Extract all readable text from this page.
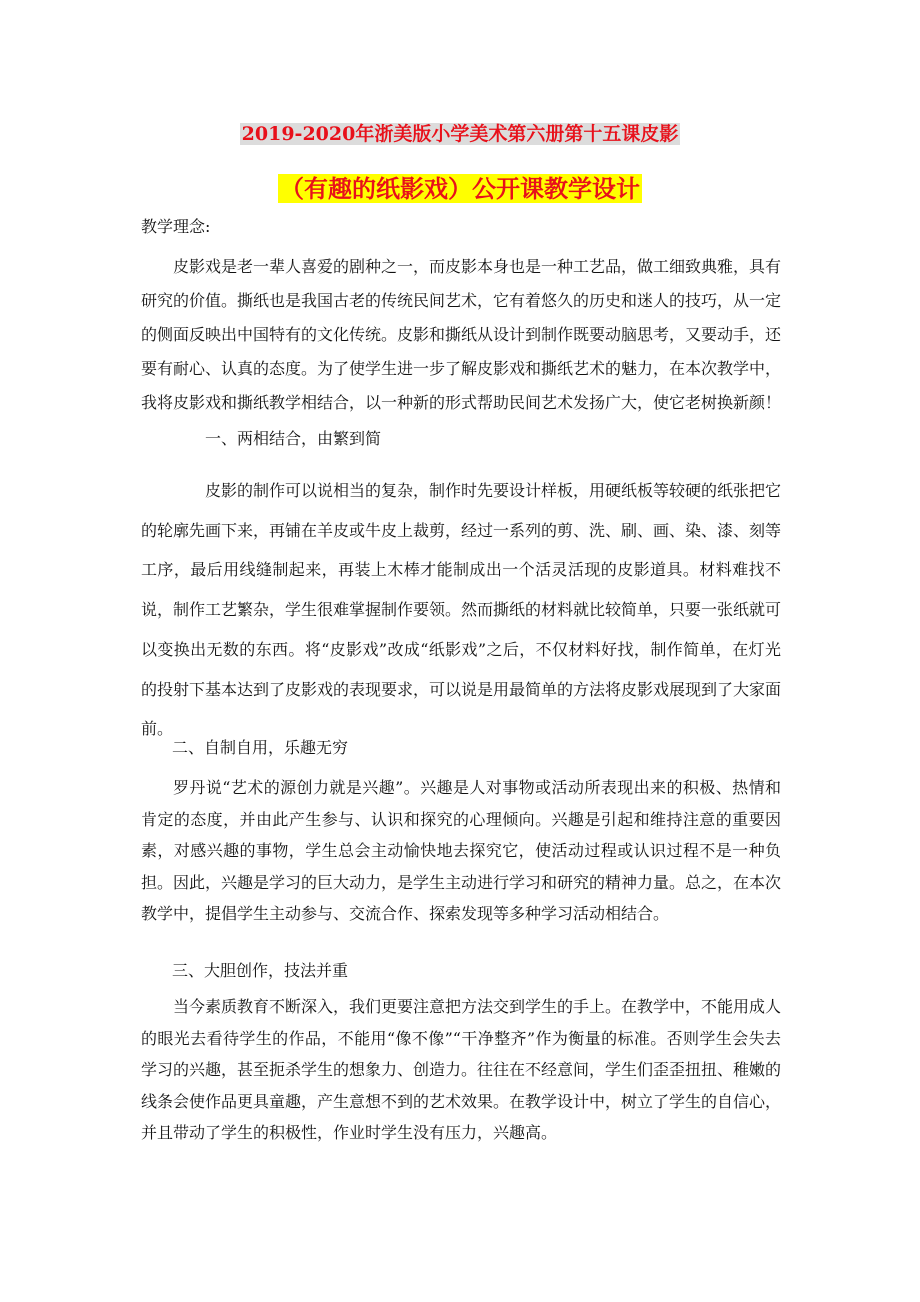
2019-2020年浙美版小学美术第六册第十五课皮影
（有趣的纸影戏）公开课教学设计
教学理念:
皮影戏是老一辈人喜爱的剧种之一，而皮影本身也是一种工艺品，做工细致典雅，具有研究的价值。撕纸也是我国古老的传统民间艺术，它有着悠久的历史和迷人的技巧，从一定的侧面反映出中国特有的文化传统。皮影和撕纸从设计到制作既要动脑思考，又要动手，还要有耐心、认真的态度。为了使学生进一步了解皮影戏和撕纸艺术的魅力，在本次教学中，我将皮影戏和撕纸教学相结合，以一种新的形式帮助民间艺术发扬广大，使它老树换新颜！
一、两相结合，由繁到简
皮影的制作可以说相当的复杂，制作时先要设计样板，用硬纸板等较硬的纸张把它的轮廓先画下来，再铺在羊皮或牛皮上裁剪，经过一系列的剪、洗、刷、画、染、漆、刻等工序，最后用线缝制起来，再装上木棒才能制成出一个活灵活现的皮影道具。材料难找不说，制作工艺繁杂，学生很难掌握制作要领。然而撕纸的材料就比较简单，只要一张纸就可以变换出无数的东西。将“皮影戏”改成“纸影戏”之后，不仅材料好找，制作简单，在灯光的投射下基本达到了皮影戏的表现要求，可以说是用最简单的方法将皮影戏展现到了大家面前。
二、自制自用，乐趣无穷
罗丹说“艺术的源创力就是兴趣”。兴趣是人对事物或活动所表现出来的积极、热情和肯定的态度，并由此产生参与、认识和探究的心理倾向。兴趣是引起和维持注意的重要因素，对感兴趣的事物，学生总会主动愉快地去探究它，使活动过程或认识过程不是一种负担。因此，兴趣是学习的巨大动力，是学生主动进行学习和研究的精神力量。总之，在本次教学中，提倡学生主动参与、交流合作、探索发现等多种学习活动相结合。
三、大胆创作，技法并重
当今素质教育不断深入，我们更要注意把方法交到学生的手上。在教学中，不能用成人的眼光去看待学生的作品，不能用“像不像”“干净整齐”作为衡量的标准。否则学生会失去学习的兴趣，甚至扼杀学生的想象力、创造力。往往在不经意间，学生们歪歪扭扭、稚嫩的线条会使作品更具童趣，产生意想不到的艺术效果。在教学设计中，树立了学生的自信心，并且带动了学生的积极性，作业时学生没有压力，兴趣高。
